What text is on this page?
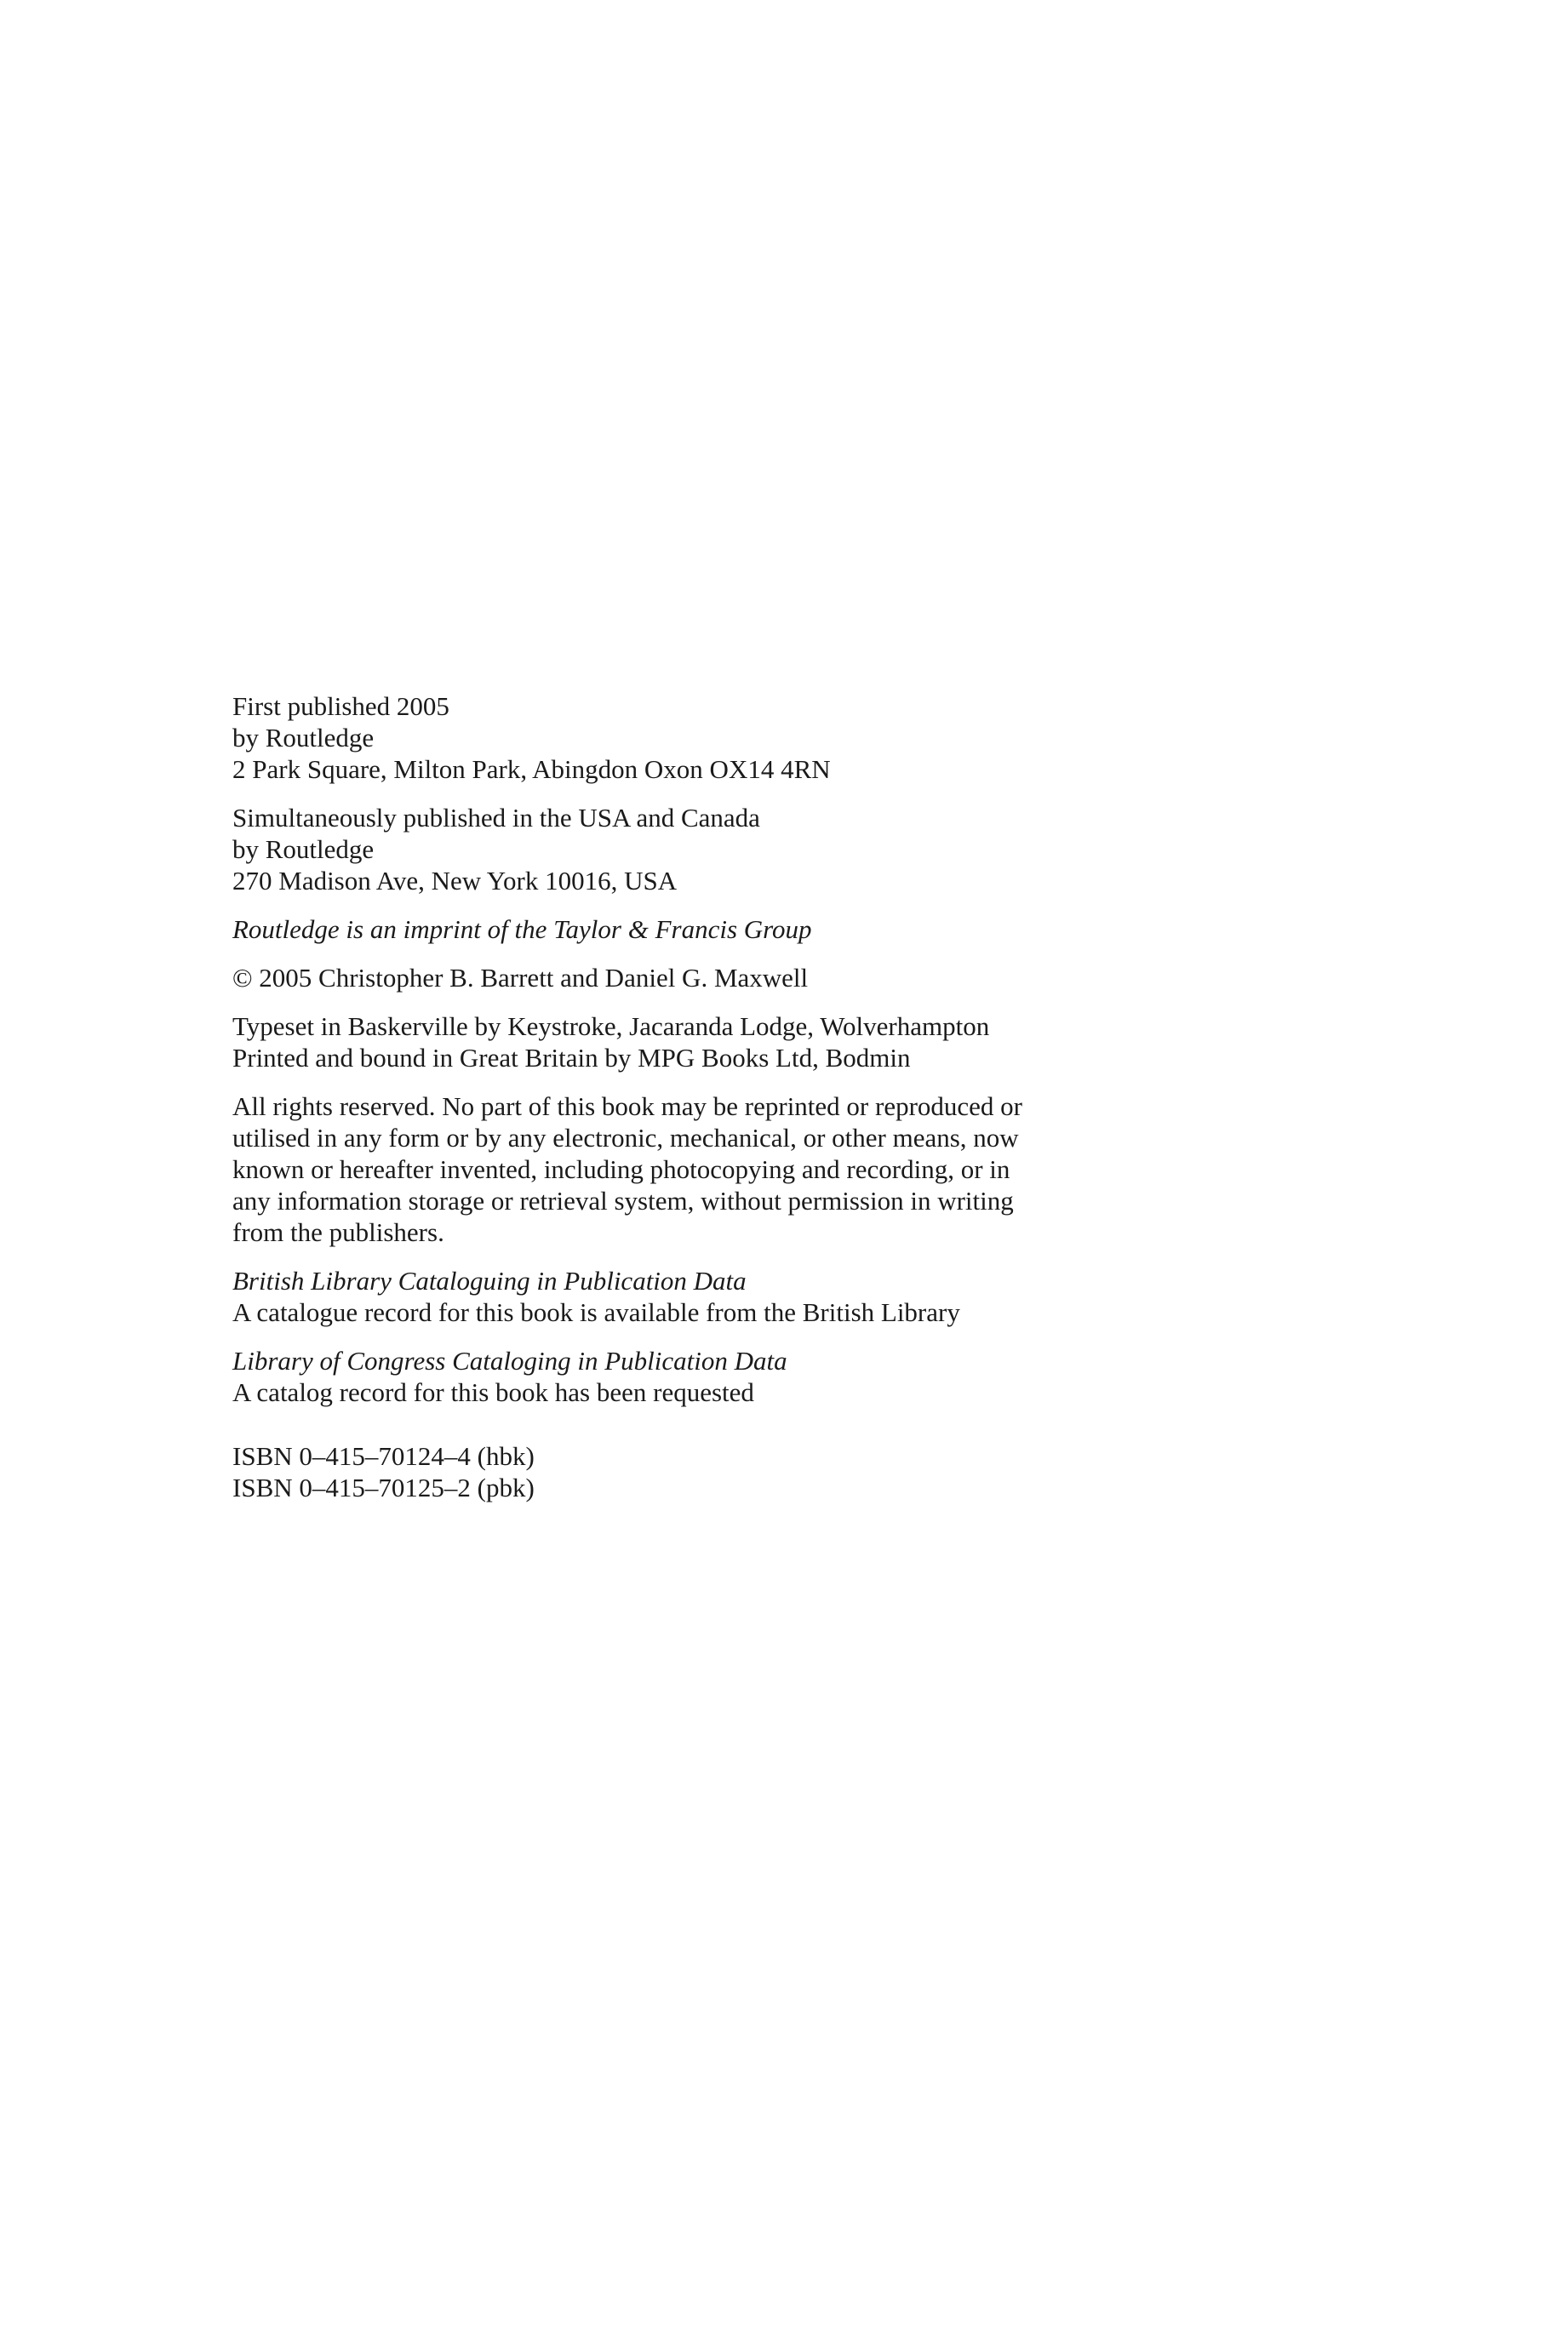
First published 2005
by Routledge
2 Park Square, Milton Park, Abingdon Oxon OX14 4RN
Simultaneously published in the USA and Canada
by Routledge
270 Madison Ave, New York 10016, USA
Routledge is an imprint of the Taylor & Francis Group
© 2005 Christopher B. Barrett and Daniel G. Maxwell
Typeset in Baskerville by Keystroke, Jacaranda Lodge, Wolverhampton
Printed and bound in Great Britain by MPG Books Ltd, Bodmin
All rights reserved. No part of this book may be reprinted or reproduced or
utilised in any form or by any electronic, mechanical, or other means, now
known or hereafter invented, including photocopying and recording, or in
any information storage or retrieval system, without permission in writing
from the publishers.
British Library Cataloguing in Publication Data
A catalogue record for this book is available from the British Library
Library of Congress Cataloging in Publication Data
A catalog record for this book has been requested
ISBN 0–415–70124–4 (hbk)
ISBN 0–415–70125–2 (pbk)
